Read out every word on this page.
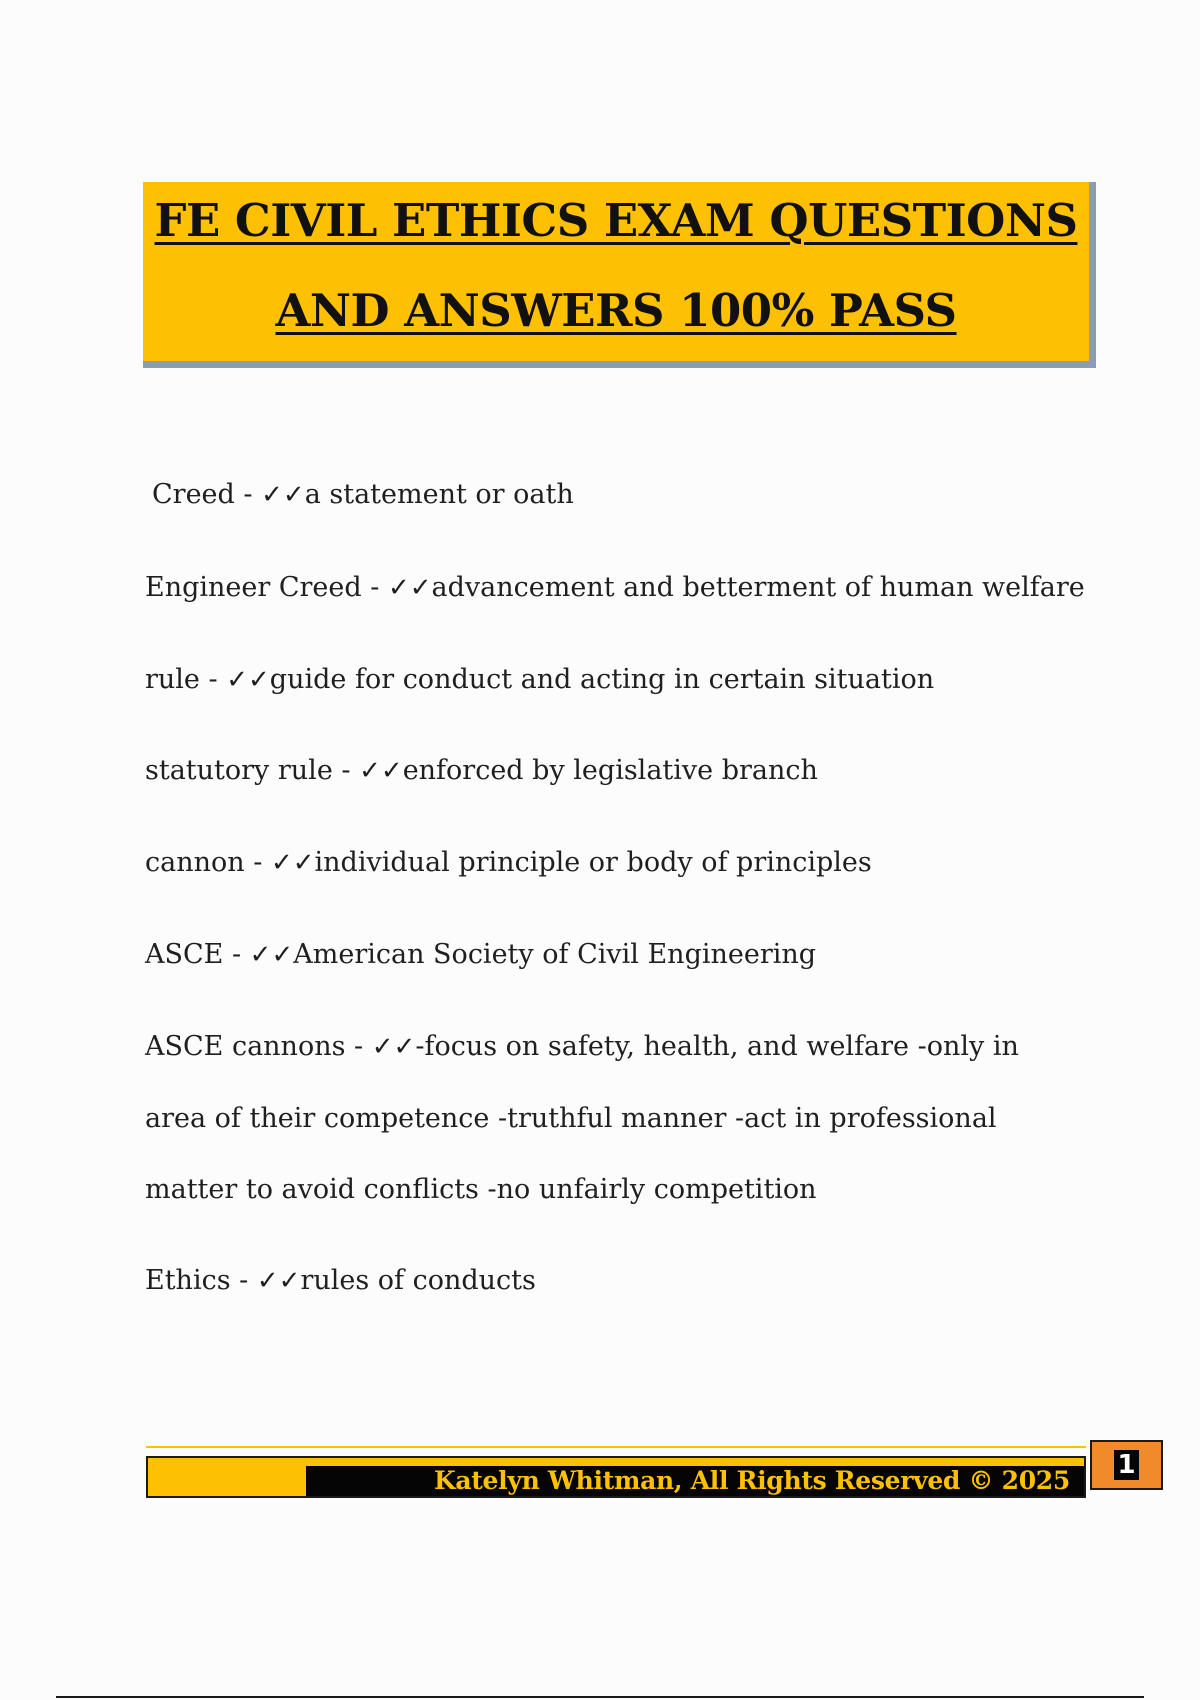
FE CIVIL ETHICS EXAM QUESTIONS
AND ANSWERS 100% PASS
Creed - ✓✓a statement or oath
Engineer Creed - ✓✓advancement and betterment of human welfare
rule - ✓✓guide for conduct and acting in certain situation
statutory rule - ✓✓enforced by legislative branch
cannon - ✓✓individual principle or body of principles
ASCE - ✓✓American Society of Civil Engineering
ASCE cannons - ✓✓-focus on safety, health, and welfare -only in area of their competence -truthful manner -act in professional matter to avoid conflicts -no unfairly competition
Ethics - ✓✓rules of conducts
Katelyn Whitman, All Rights Reserved © 2025
1
